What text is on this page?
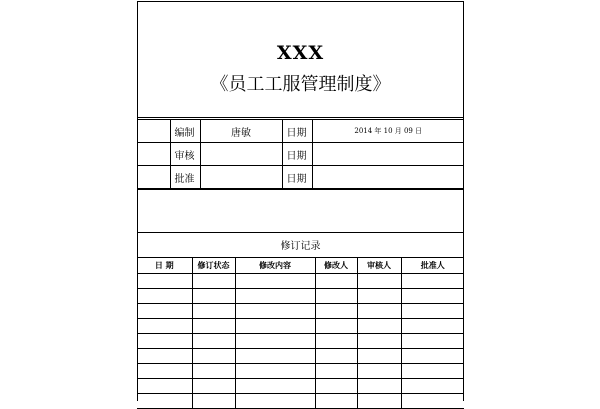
XXX
《员工工服管理制度》
	编制	唐敏	日期	2014 年 10 月 09 日
	审核		日期	
	批准		日期	
修订记录
日 期	修订状态	修改内容	修改人	审核人	批准人
